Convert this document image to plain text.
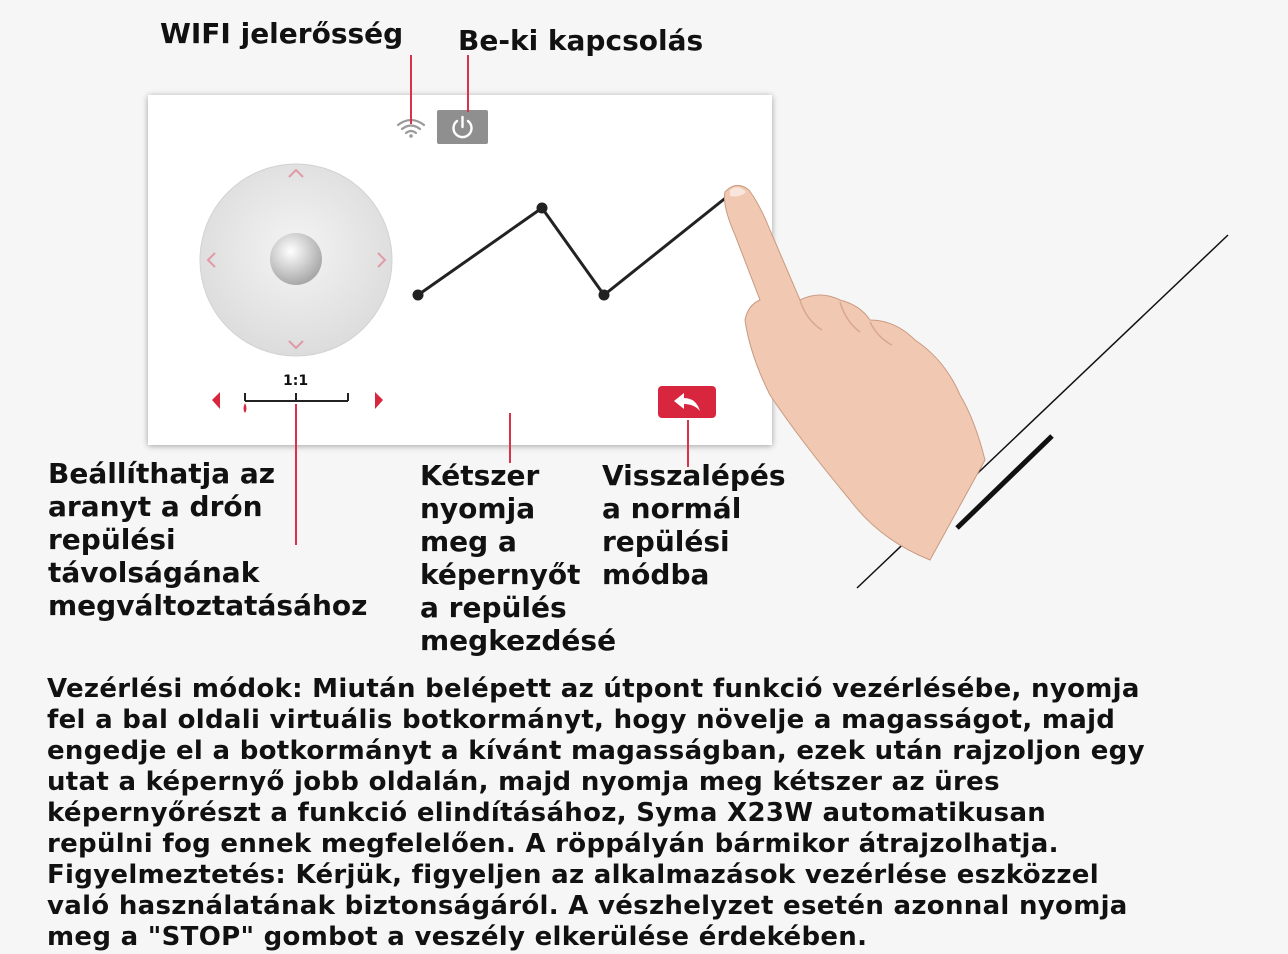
WIFI jelerősség Be-ki kapcsolás
1:1
Beállíthatja az
aranyt a drón
repülési
távolságának
megváltoztatásához
Kétszer
nyomja
meg a
képernyőt
a repülés
megkezdésé
Visszalépés
a normál
repülési
módba
Vezérlési módok: Miután belépett az útpont funkció vezérlésébe, nyomja
fel a bal oldali virtuális botkormányt, hogy növelje a magasságot, majd
engedje el a botkormányt a kívánt magasságban, ezek után rajzoljon egy
utat a képernyő jobb oldalán, majd nyomja meg kétszer az üres
képernyőrészt a funkció elindításához, Syma X23W automatikusan
repülni fog ennek megfelelően. A röppályán bármikor átrajzolhatja.
Figyelmeztetés: Kérjük, figyeljen az alkalmazások vezérlése eszközzel
való használatának biztonságáról. A vészhelyzet esetén azonnal nyomja
meg a "STOP" gombot a veszély elkerülése érdekében.
